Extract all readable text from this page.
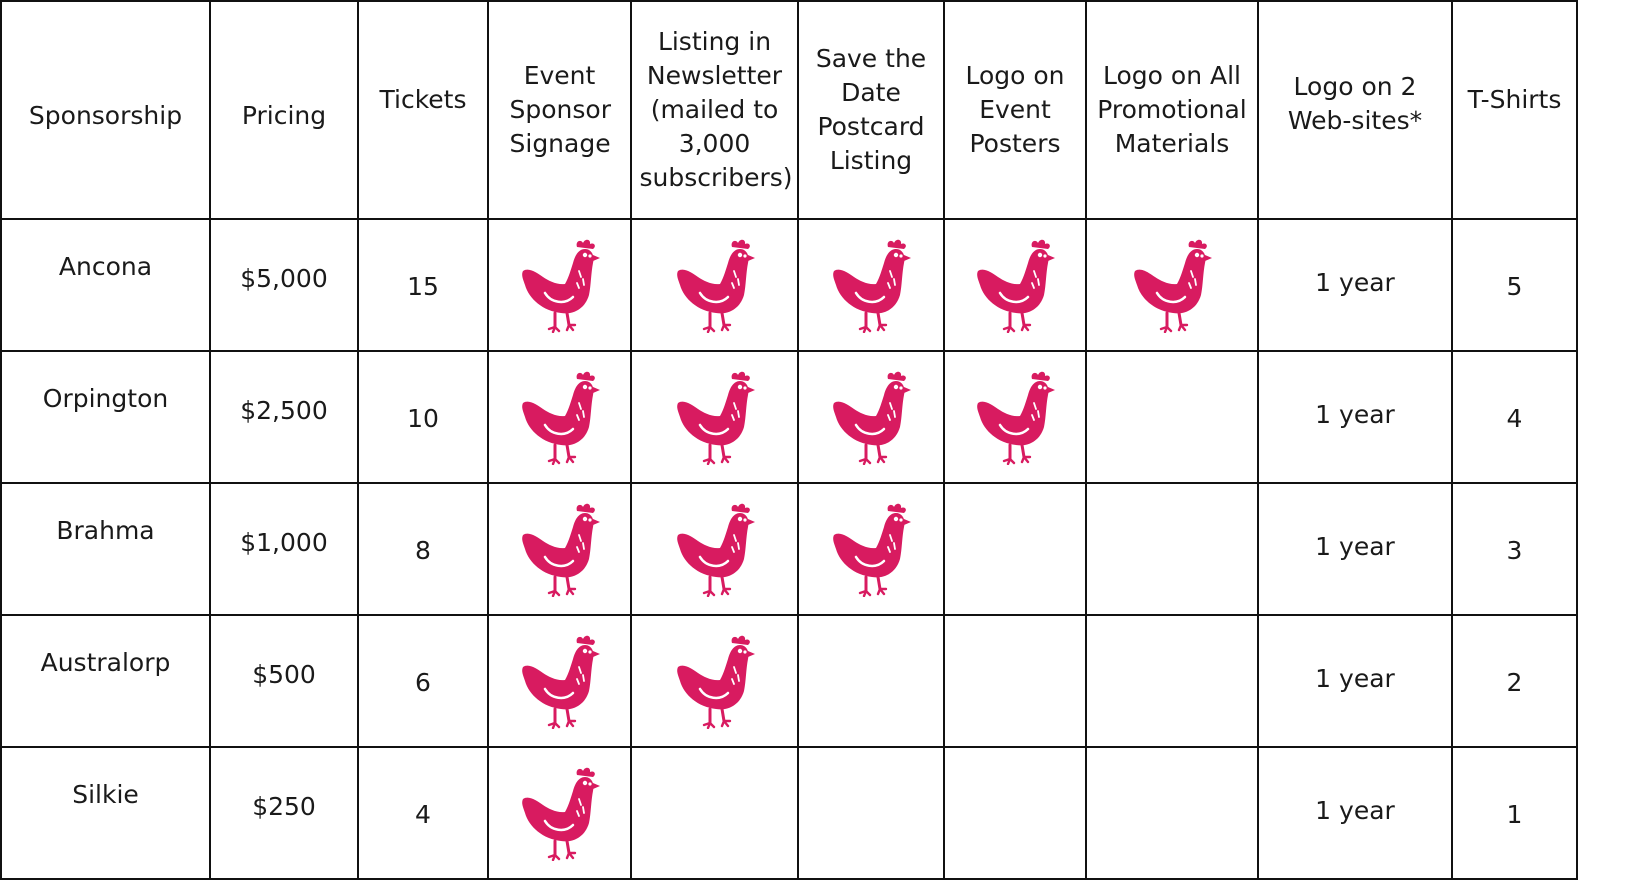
Sponsorship	Pricing	Tickets	Event Sponsor Signage	Listing in Newsletter (mailed to 3,000 subscribers)	Save the Date Postcard Listing	Logo on Event Posters	Logo on All Promotional Materials	Logo on 2 Web-sites*	T-Shirts
Ancona	$5,000	15						1 year	5
Orpington	$2,500	10						1 year	4
Brahma	$1,000	8						1 year	3
Australorp	$500	6						1 year	2
Silkie	$250	4						1 year	1
